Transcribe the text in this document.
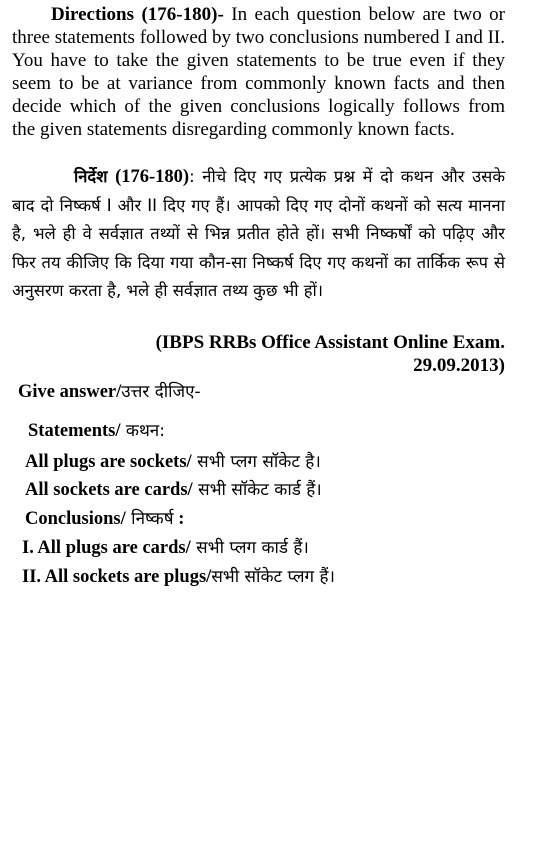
Directions (176-180)- In each question below are two or three statements followed by two conclusions numbered I and II. You have to take the given statements to be true even if they seem to be at variance from commonly known facts and then decide which of the given conclusions logically follows from the given statements disregarding commonly known facts.

निर्देश (176-180): नीचे दिए गए प्रत्येक प्रश्न में दो कथन और उसके बाद दो निष्कर्ष I और II दिए गए हैं। आपको दिए गए दोनों कथनों को सत्य मानना है, भले ही वे सर्वज्ञात तथ्यों से भिन्न प्रतीत होते हों। सभी निष्कर्षों को पढ़िए और फिर तय कीजिए कि दिया गया कौन-सा निष्कर्ष दिए गए कथनों का तार्किक रूप से अनुसरण करता है, भले ही सर्वज्ञात तथ्य कुछ भी हों।

(IBPS RRBs Office Assistant Online Exam.
29.09.2013)
Give answer/उत्तर दीजिए-
Statements/ कथन:
All plugs are sockets/ सभी प्लग सॉकेट है।
All sockets are cards/ सभी सॉकेट कार्ड हैं।
Conclusions/ निष्कर्ष :
I. All plugs are cards/ सभी प्लग कार्ड हैं।
II. All sockets are plugs/सभी सॉकेट प्लग हैं।
